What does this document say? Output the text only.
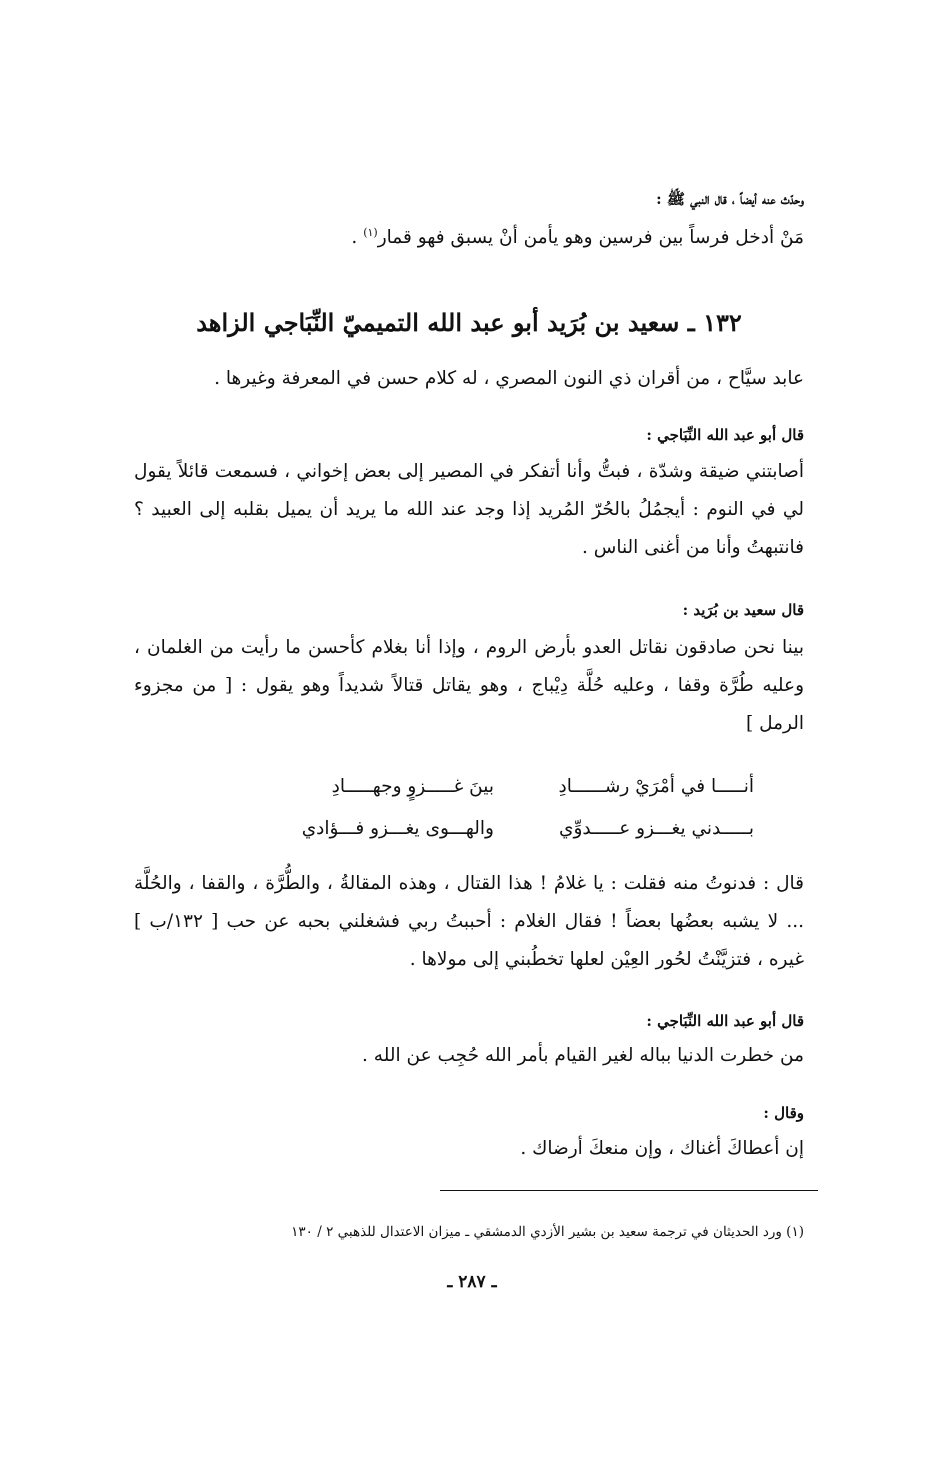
وحدّث عنه أيضاً ، قال النبي ﷺ :
مَنْ أدخل فرساً بين فرسين وهو يأمن أنْ يسبق فهو قمار$^{(١)}$ .
١٣٢ ـ سعيد بن بُرَيد أبو عبد الله التميميّ النِّبَاجي الزاهد
عابد سيَّاح ، من أقران ذي النون المصري ، له كلام حسن في المعرفة وغيرها .
قال أبو عبد الله النِّبَاجي :
أصابتني ضيقة وشدّة ، فبتُّ وأنا أتفكر في المصير إلى بعض إخواني ، فسمعت قائلاً يقول لي في النوم : أيجمُلُ بالحُرّ المُريد إذا وجد عند الله ما يريد أن يميل بقلبه إلى العبيد ؟ فانتبهتُ وأنا من أغنى الناس .
قال سعيد بن بُرَيد :
بينا نحن صادقون نقاتل العدو بأرض الروم ، وإذا أنا بغلام كأحسن ما رأيت من الغلمان ، وعليه طُرَّة وقفا ، وعليه حُلَّة دِيْباج ، وهو يقاتل قتالاً شديداً وهو يقول : [ من مجزوء الرمل ]
أنـــــا في أمْرَيْ رشــــــادِ
بينَ غـــــزوٍ وجهـــــادِ
بـــــدني يغـــزو عـــــدوِّي
والهـــوى يغـــزو فـــؤادي
قال : فدنوتُ منه فقلت : يا غلامُ ! هذا القتال ، وهذه المقالةُ ، والطُّرَّة ، والقفا ، والحُلَّة ... لا يشبه بعضُها بعضاً ! فقال الغلام : أحببتُ ربي فشغلني بحبه عن حب [ ١٣٢/ب ] غيره ، فتزيَّنْتُ لحُور العِيْن لعلها تخطُبني إلى مولاها .
قال أبو عبد الله النِّبَاجي :
من خطرت الدنيا بباله لغير القيام بأمر الله حُجِب عن الله .
وقال :
إن أعطاكَ أغناك ، وإن منعكَ أرضاك .
(١) ورد الحديثان في ترجمة سعيد بن بشير الأزدي الدمشقي ـ ميزان الاعتدال للذهبي ٢ / ١٣٠
ـ ٢٨٧ ـ
